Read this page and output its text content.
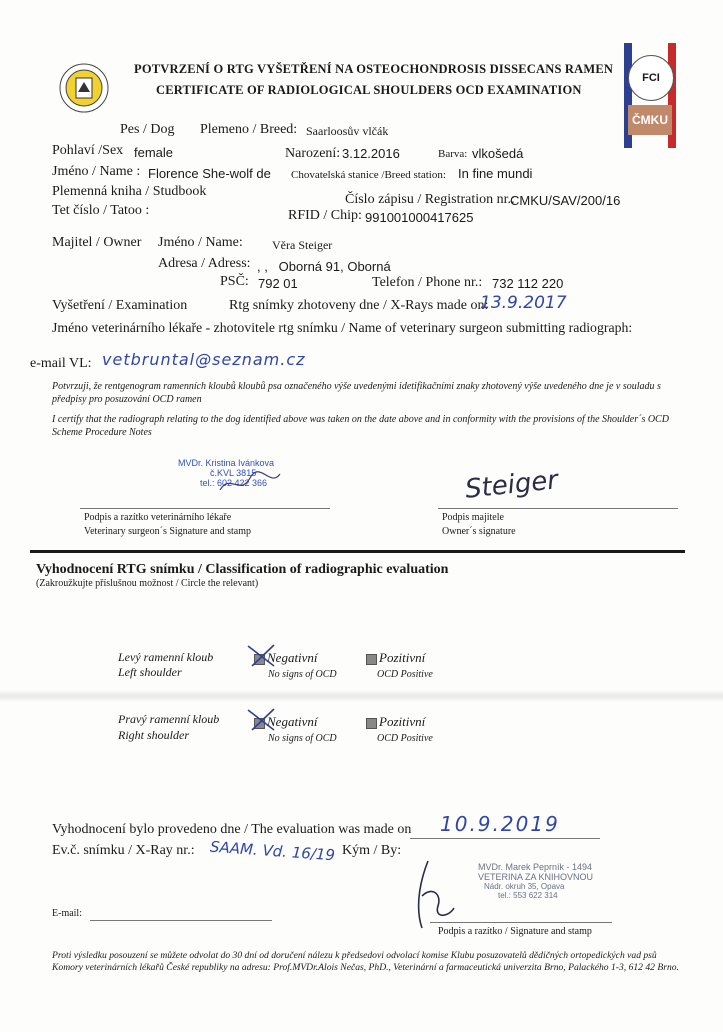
POTVRZENÍ O RTG VYŠETŘENÍ NA OSTEOCHONDROSIS DISSECANS RAMEN
CERTIFICATE OF RADIOLOGICAL SHOULDERS OCD EXAMINATION
FCI
ČMKU
Pes / Dog Plemeno / Breed: Saarloosův vlčák
Pohlaví /Sex female	Narození: 3.12.2016	Barva: vlkošedá
Jméno / Name : Florence She-wolf de Chovatelská stanice /Breed station: In fine mundi
Plemenná kniha / Studbook
Číslo zápisu / Registration nr.:
CMKU/SAV/200/16
Tet číslo / Tatoo :	RFID / Chip: 991001000417625
Majitel / Owner Jméno / Name: Věra Steiger
Adresa / Adress: , ,   Oborná 91, Oborná
PSČ: 792 01	Telefon / Phone nr.: 732 112 220
Vyšetření / Examination	Rtg snímky zhotoveny dne / X-Rays made on:
13.9.2017
Jméno veterinárního lékaře - zhotovitele rtg snímku / Name of veterinary surgeon submitting radiograph:
e-mail VL: vetbruntal@seznam.cz
Potvrzuji, že rentgenogram ramenních kloubů kloubů psa označeného výše uvedenými idetifikačními znaky zhotovený výše uvedeného dne je v souladu s předpisy pro posuzování OCD ramen
I certify that the radiograph relating to the dog identified above was taken on the date above and in conformity with the provisions of the Shoulder´s OCD Scheme Procedure Notes
MVDr. Kristina Ivánkova
č.KVL 3815
tel.: 602 422 366	Steiger
Podpis a razítko veterinárního lékaře
Veterinary surgeon´s Signature and stamp
Podpis majitele
Owner´s signature
Vyhodnocení RTG snímku / Classification of radiographic evaluation
(Zakroužkujte příslušnou možnost / Circle the relevant)
Levý ramenní kloub
Left shoulder
Negativní
No signs of OCD
Pozitivní
OCD Positive
Pravý ramenní kloub
Right shoulder
Negativní
No signs of OCD
Pozitivní
OCD Positive
Vyhodnocení bylo provedeno dne / The evaluation was made on 10.9.2019
Ev.č. snímku / X-Ray nr.: SAAM. Vd. 16/19 Kým / By:
MVDr. Marek Peprník - 1494
VETERINA ZA KNIHOVNOU
Nádr. okruh 35, Opava
tel.: 553 622 314
E-mail:
Podpis a razítko / Signature and stamp
Proti výsledku posouzení se můžete odvolat do 30 dní od doručení nálezu k předsedovi odvolací komise Klubu posuzovatelů dědičných ortopedických vad psů Komory veterinárních lékařů České republiky na adresu: Prof.MVDr.Alois Nečas, PhD., Veterinární a farmaceutická univerzita Brno, Palackého 1-3, 612 42 Brno.
